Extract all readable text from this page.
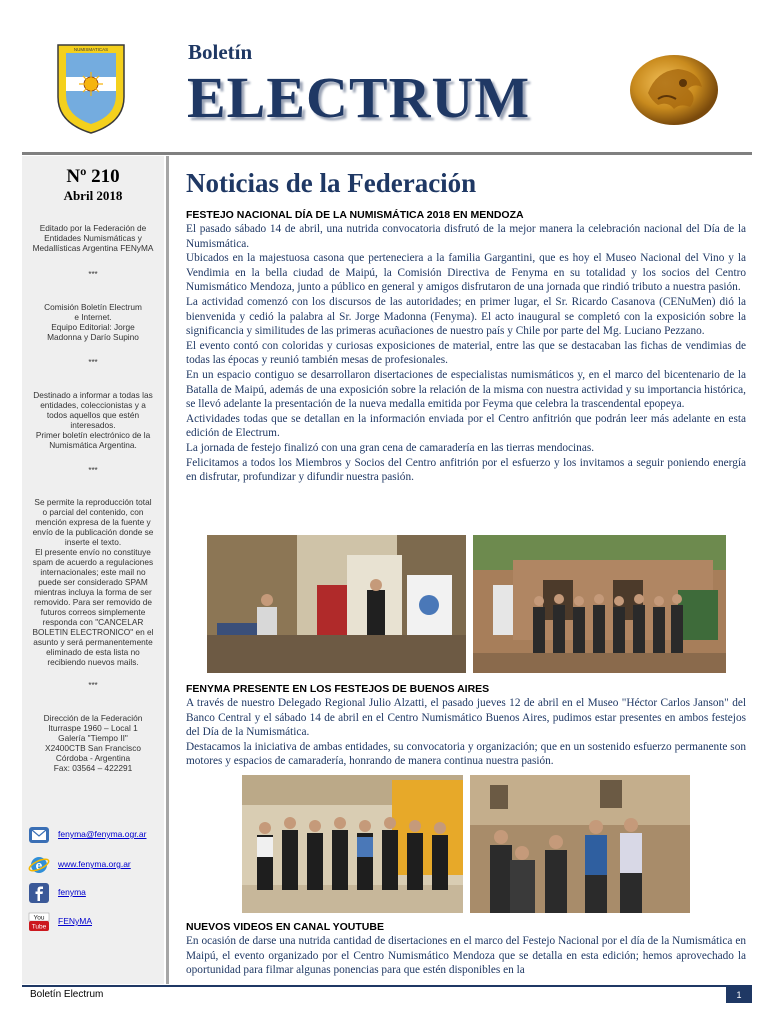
NUMISMATICAS	Boletín
ELECTRUM
Nº 210
Abril 2018
Editado por la Federación de
Entidades Numismáticas y
Medallísticas Argentina FENyMA
***
Comisión Boletín Electrum
e Internet.
Equipo Editorial: Jorge
Madonna y Darío Supino
***
Destinado a informar a todas las
entidades, coleccionistas y a
todos aquellos que estén
interesados.
Primer boletín electrónico de la
Numismática Argentina.
***
Se permite la reproducción total
o parcial del contenido, con
mención expresa de la fuente y
envío de la publicación donde se
inserte el texto.
El presente envío no constituye
spam de acuerdo a regulaciones
internacionales; este mail no
puede ser considerado SPAM
mientras incluya la forma de ser
removido. Para ser removido de
futuros correos simplemente
responda con "CANCELAR
BOLETIN ELECTRONICO" en el
asunto y será permanentemente
eliminado de esta lista no
recibiendo nuevos mails.
***
Dirección de la Federación
Iturraspe 1960 – Local 1
Galería "Tiempo II"
X2400CTB San Francisco
Córdoba - Argentina
Fax: 03564 – 422291
fenyma@fenyma.ogr.ar
e www.fenyma.org.ar
fenyma
You
Tube
FENyMA
Noticias de la Federación
FESTEJO NACIONAL DÍA DE LA NUMISMÁTICA 2018 EN MENDOZA

El pasado sábado 14 de abril, una nutrida convocatoria disfrutó de la mejor manera la celebración nacional del Día de la Numismática.

Ubicados en la majestuosa casona que perteneciera a la familia Gargantini, que es hoy el Museo Nacional del Vino y la Vendimia en la bella ciudad de Maipú, la Comisión Directiva de Fenyma en su totalidad y los socios del Centro Numismático Mendoza, junto a público en general y amigos disfrutaron de una jornada que rindió tributo a nuestra pasión.

La actividad comenzó con los discursos de las autoridades; en primer lugar, el Sr. Ricardo Casanova (CENuMen) dió la bienvenida y cedió la palabra al Sr. Jorge Madonna (Fenyma). El acto inaugural se completó con la exposición sobre la significancia y similitudes de las primeras acuñaciones de nuestro país y Chile por parte del Mg. Luciano Pezzano.

El evento contó con coloridas y curiosas exposiciones de material, entre las que se destacaban las fichas de vendimias de todas las épocas y reunió también mesas de profesionales.

En un espacio contiguo se desarrollaron disertaciones de especialistas numismáticos y, en el marco del bicentenario de la Batalla de Maipú, además de una exposición sobre la relación de la misma con nuestra actividad y su importancia histórica, se llevó adelante la presentación de la nueva medalla emitida por Feyma que celebra la trascendental epopeya.

Actividades todas que se detallan en la información enviada por el Centro anfitrión que podrán leer más adelante en esta edición de Electrum.

La jornada de festejo finalizó con una gran cena de camaradería en las tierras mendocinas.

Felicitamos a todos los Miembros y Socios del Centro anfitrión por el esfuerzo y los invitamos a seguir poniendo energía en disfrutar, profundizar y difundir nuestra pasión.

FENYMA PRESENTE EN LOS FESTEJOS DE BUENOS AIRES

A través de nuestro Delegado Regional Julio Alzatti, el pasado jueves 12 de abril en el Museo "Héctor Carlos Janson" del Banco Central y el sábado 14 de abril en el Centro Numismático Buenos Aires, pudimos estar presentes en ambos festejos del Día de la Numismática.

Destacamos la iniciativa de ambas entidades, su convocatoria y organización; que en un sostenido esfuerzo permanente son motores y espacios de camaradería, honrando de manera continua nuestra pasión.

NUEVOS VIDEOS EN CANAL YOUTUBE

En ocasión de darse una nutrida cantidad de disertaciones en el marco del Festejo Nacional por el día de la Numismática en Maipú, el evento organizado por el Centro Numismático Mendoza que se detalla en esta edición; hemos aprovechado la oportunidad para filmar algunas ponencias para que estén disponibles en la

Boletín Electrum	1
